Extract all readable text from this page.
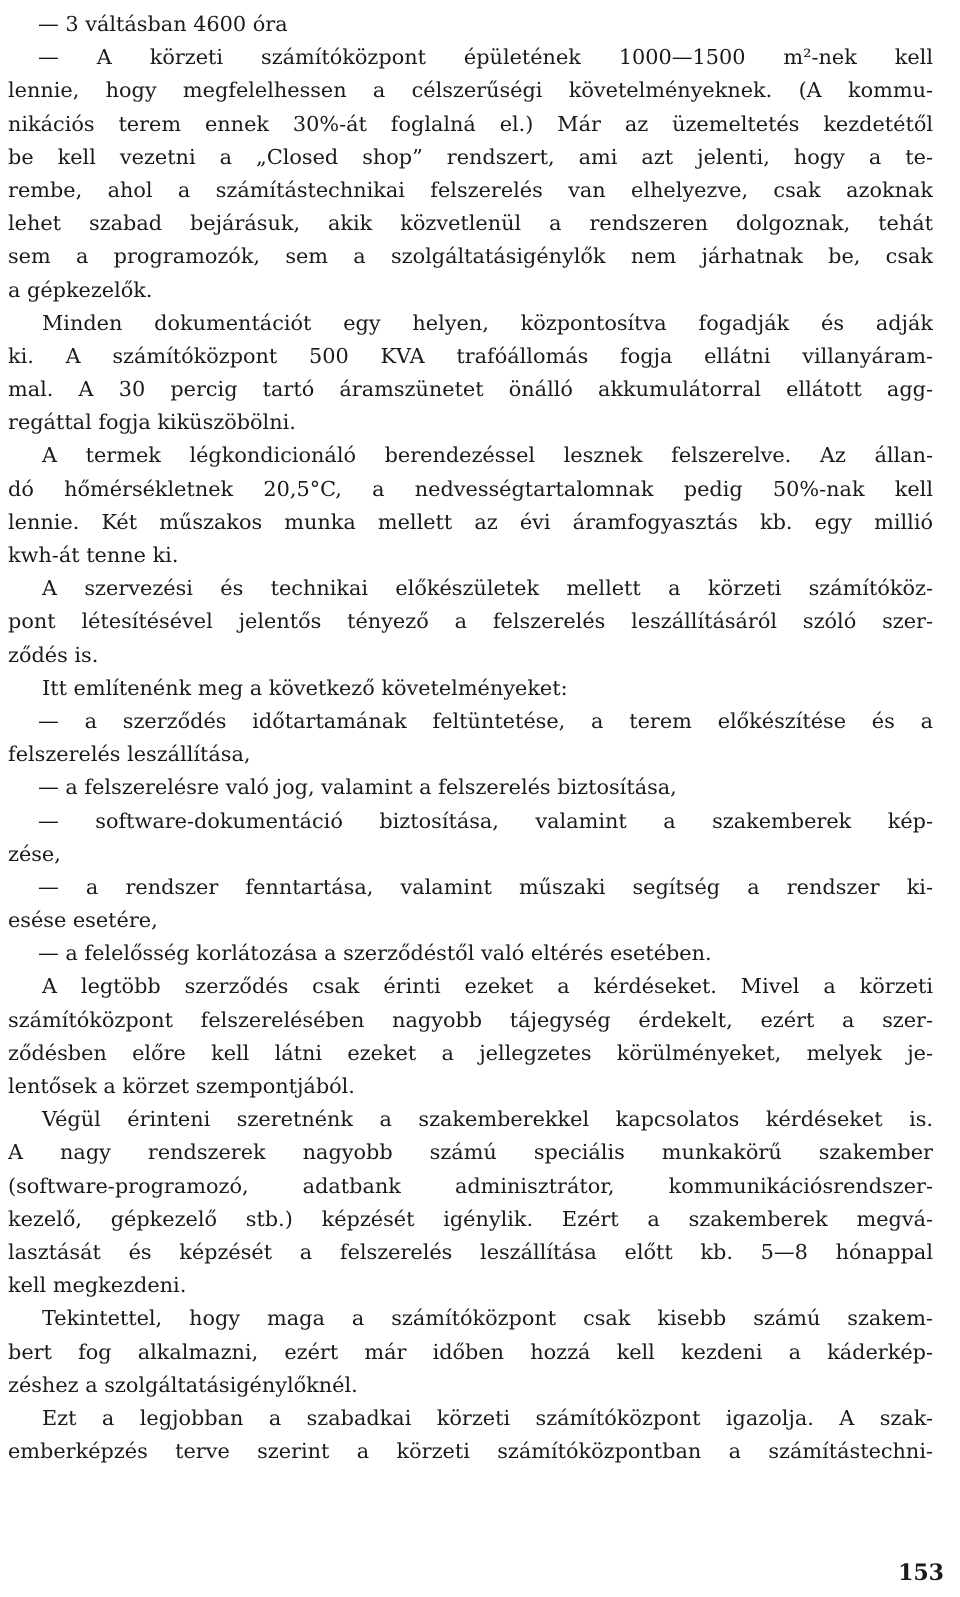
— 3 váltásban 4600 óra
— A körzeti számítóközpont épületének 1000—1500 m²-nek kell
lennie, hogy megfelelhessen a célszerűségi követelményeknek. (A kommu-
nikációs terem ennek 30%-át foglalná el.) Már az üzemeltetés kezdetétől
be kell vezetni a „Closed shop” rendszert, ami azt jelenti, hogy a te-
rembe, ahol a számítástechnikai felszerelés van elhelyezve, csak azoknak
lehet szabad bejárásuk, akik közvetlenül a rendszeren dolgoznak, tehát
sem a programozók, sem a szolgáltatásigénylők nem járhatnak be, csak
a gépkezelők.
Minden dokumentációt egy helyen, központosítva fogadják és adják
ki. A számítóközpont 500 KVA trafóállomás fogja ellátni villanyáram-
mal. A 30 percig tartó áramszünetet önálló akkumulátorral ellátott agg-
regáttal fogja kiküszöbölni.
A termek légkondicionáló berendezéssel lesznek felszerelve. Az állan-
dó hőmérsékletnek 20,5°C, a nedvességtartalomnak pedig 50%-nak kell
lennie. Két műszakos munka mellett az évi áramfogyasztás kb. egy millió
kwh-át tenne ki.
A szervezési és technikai előkészületek mellett a körzeti számítóköz-
pont létesítésével jelentős tényező a felszerelés leszállításáról szóló szer-
ződés is.
Itt említenénk meg a következő követelményeket:
— a szerződés időtartamának feltüntetése, a terem előkészítése és a
felszerelés leszállítása,
— a felszerelésre való jog, valamint a felszerelés biztosítása,
— software-dokumentáció biztosítása, valamint a szakemberek kép-
zése,
— a rendszer fenntartása, valamint műszaki segítség a rendszer ki-
esése esetére,
— a felelősség korlátozása a szerződéstől való eltérés esetében.
A legtöbb szerződés csak érinti ezeket a kérdéseket. Mivel a körzeti
számítóközpont felszerelésében nagyobb tájegység érdekelt, ezért a szer-
ződésben előre kell látni ezeket a jellegzetes körülményeket, melyek je-
lentősek a körzet szempontjából.
Végül érinteni szeretnénk a szakemberekkel kapcsolatos kérdéseket is.
A nagy rendszerek nagyobb számú speciális munkakörű szakember
(software-programozó, adatbank adminisztrátor, kommunikációsrendszer-
kezelő, gépkezelő stb.) képzését igénylik. Ezért a szakemberek megvá-
lasztását és képzését a felszerelés leszállítása előtt kb. 5—8 hónappal
kell megkezdeni.
Tekintettel, hogy maga a számítóközpont csak kisebb számú szakem-
bert fog alkalmazni, ezért már időben hozzá kell kezdeni a káderkép-
zéshez a szolgáltatásigénylőknél.
Ezt a legjobban a szabadkai körzeti számítóközpont igazolja. A szak-
emberképzés terve szerint a körzeti számítóközpontban a számítástechni-
153
